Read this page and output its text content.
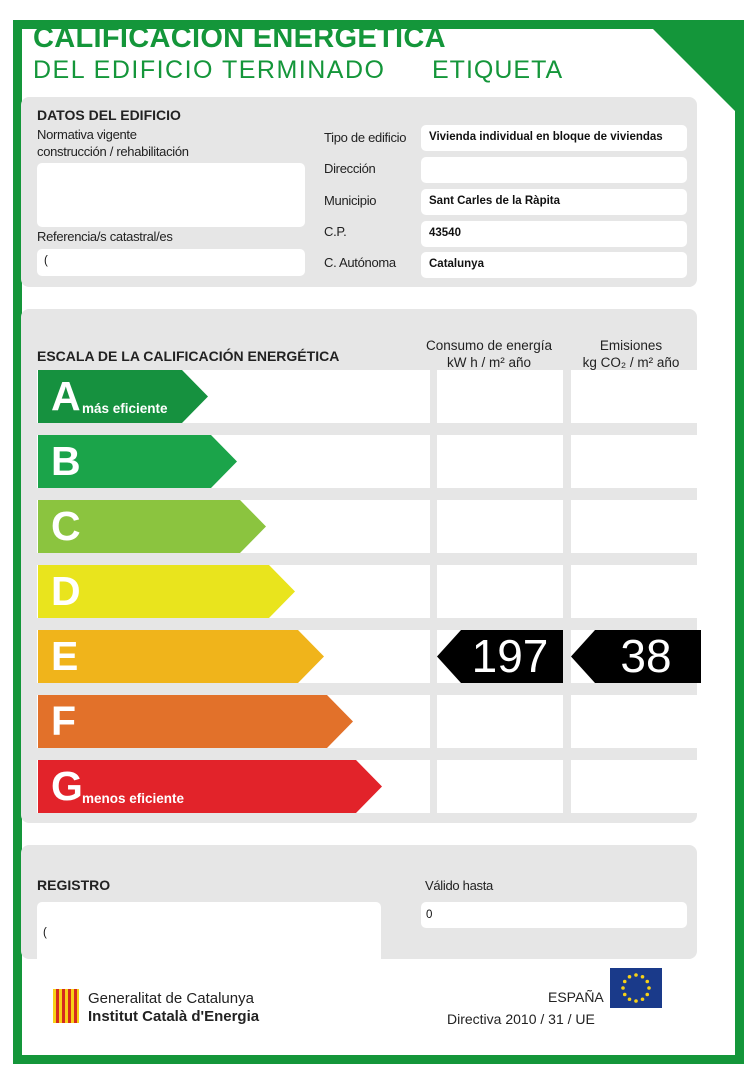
CALIFICACIÓN ENERGÉTICA
DEL EDIFICIO TERMINADO ETIQUETA
DATOS DEL EDIFICIO
Normativa vigente
construcción / rehabilitación
Referencia/s catastral/es
(
Tipo de edificio Vivienda individual en bloque de viviendas
Dirección
Municipio	Sant Carles de la Ràpita
C.P.	43540
C. Autónoma	Catalunya
ESCALA DE LA CALIFICACIÓN ENERGÉTICA
Consumo de energía
kW h / m² año
Emisiones
kg CO₂ / m² año
A más eficiente
B
C
D
E	197	38
F
G menos eficiente
REGISTRO
(
Válido hasta
0
Generalitat de Catalunya
Institut Català d'Energia
ESPAÑA
Directiva 2010 / 31 / UE
